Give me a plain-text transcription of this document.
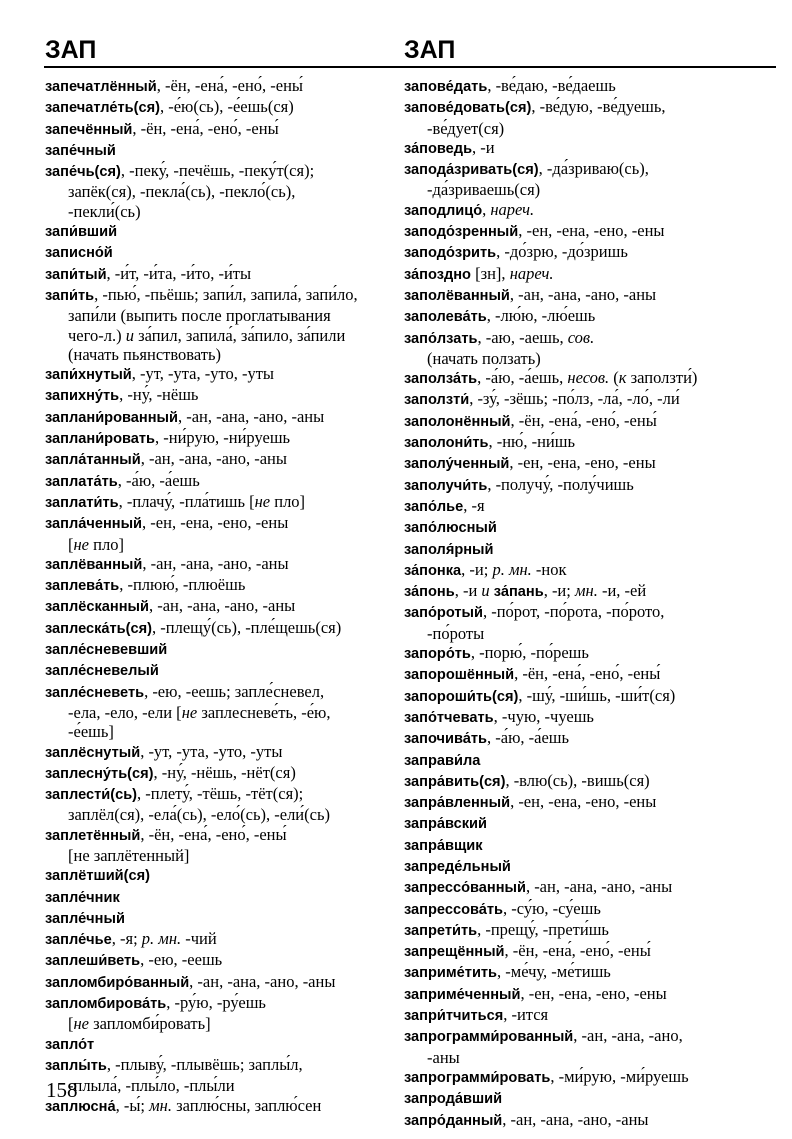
ЗАП	ЗАП
запечатлённый, -ён, -ена́, -ено́, -ены́
запечатле́ть(ся), -е́ю(сь), -е́ешь(ся)
запечённый, -ён, -ена́, -ено́, -ены́
запе́чный
запе́чь(ся), -пеку́, -печёшь, -пеку́т(ся);
запёк(ся), -пекла́(сь), -пекло́(сь),
-пекли́(сь)
запи́вший
записно́й
запи́тый, -и́т, -и́та, -и́то, -и́ты
запи́ть, -пью́, -пьёшь; запи́л, запила́, запи́ло,
запи́ли (выпить после проглатывания
чего-л.) и за́пил, запила́, за́пило, за́пили
(начать пьянствовать)
запи́хнутый, -ут, -ута, -уто, -уты
запихну́ть, -ну́, -нёшь
заплани́рованный, -ан, -ана, -ано, -аны
заплани́ровать, -ни́рую, -ни́руешь
запла́танный, -ан, -ана, -ано, -аны
заплата́ть, -а́ю, -а́ешь
заплати́ть, -плачу́, -пла́тишь [не пло]
запла́ченный, -ен, -ена, -ено, -ены
[не пло]
заплёванный, -ан, -ана, -ано, -аны
заплева́ть, -плюю́, -плюёшь
заплёсканный, -ан, -ана, -ано, -аны
заплеска́ть(ся), -плещу́(сь), -пле́щешь(ся)
запле́сневевший
запле́сневелый
запле́сневеть, -ею, -еешь; запле́сневел,
-ела, -ело, -ели [не заплесневе́ть, -е́ю,
-е́ешь]
заплёснутый, -ут, -ута, -уто, -уты
заплесну́ть(ся), -ну́, -нёшь, -нёт(ся)
заплести́(сь), -плету́, -тёшь, -тёт(ся);
заплёл(ся), -ела́(сь), -ело́(сь), -ели́(сь)
заплетённый, -ён, -ена́, -ено́, -ены́
[не заплётенный]
заплётший(ся)
запле́чник
запле́чный
запле́чье, -я; р. мн. -чий
заплеши́веть, -ею, -еешь
запломбиро́ванный, -ан, -ана, -ано, -аны
запломбирова́ть, -ру́ю, -ру́ешь
[не запломби́ровать]
запло́т
заплы́ть, -плыву́, -плывёшь; заплы́л,
-плыла́, -плы́ло, -плы́ли
заплюсна́, -ы́; мн. заплю́сны, заплю́сен
запове́дать, -ве́даю, -ве́даешь
запове́довать(ся), -ве́дую, -ве́дуешь,
-ве́дует(ся)
за́поведь, -и
запода́зривать(ся), -да́зриваю(сь),
-да́зриваешь(ся)
заподлицо́, нареч.
заподо́зренный, -ен, -ена, -ено, -ены
заподо́зрить, -до́зрю, -до́зришь
за́поздно [зн], нареч.
заполёванный, -ан, -ана, -ано, -аны
заполева́ть, -лю́ю, -лю́ешь
запо́лзать, -аю, -аешь, сов.
(начать ползать)
заполза́ть, -а́ю, -а́ешь, несов. (к заползти́)
заползти́, -зу́, -зёшь; -по́лз, -ла́, -ло́, -ли́
заполонённый, -ён, -ена́, -ено́, -ены́
заполони́ть, -ню́, -ни́шь
заполу́ченный, -ен, -ена, -ено, -ены
заполучи́ть, -получу́, -полу́чишь
запо́лье, -я
запо́люсный
заполя́рный
за́понка, -и; р. мн. -нок
за́понь, -и и за́пань, -и; мн. -и, -ей
запо́ротый, -по́рот, -по́рота, -по́рото,
-по́роты
запоро́ть, -порю́, -по́решь
запорошённый, -ён, -ена́, -ено́, -ены́
запороши́ть(ся), -шу́, -ши́шь, -ши́т(ся)
запо́тчевать, -чую, -чуешь
започива́ть, -а́ю, -а́ешь
заправи́ла
запра́вить(ся), -влю(сь), -вишь(ся)
запра́вленный, -ен, -ена, -ено, -ены
запра́вский
запра́вщик
запреде́льный
запрессо́ванный, -ан, -ана, -ано, -аны
запрессова́ть, -су́ю, -су́ешь
запрети́ть, -прещу́, -прети́шь
запрещённый, -ён, -ена́, -ено́, -ены́
заприме́тить, -ме́чу, -ме́тишь
заприме́ченный, -ен, -ена, -ено, -ены
запри́тчиться, -ится
запрограмми́рованный, -ан, -ана, -ано,
-аны
запрограмми́ровать, -ми́рую, -ми́руешь
запрода́вший
запро́данный, -ан, -ана, -ано, -аны
158
